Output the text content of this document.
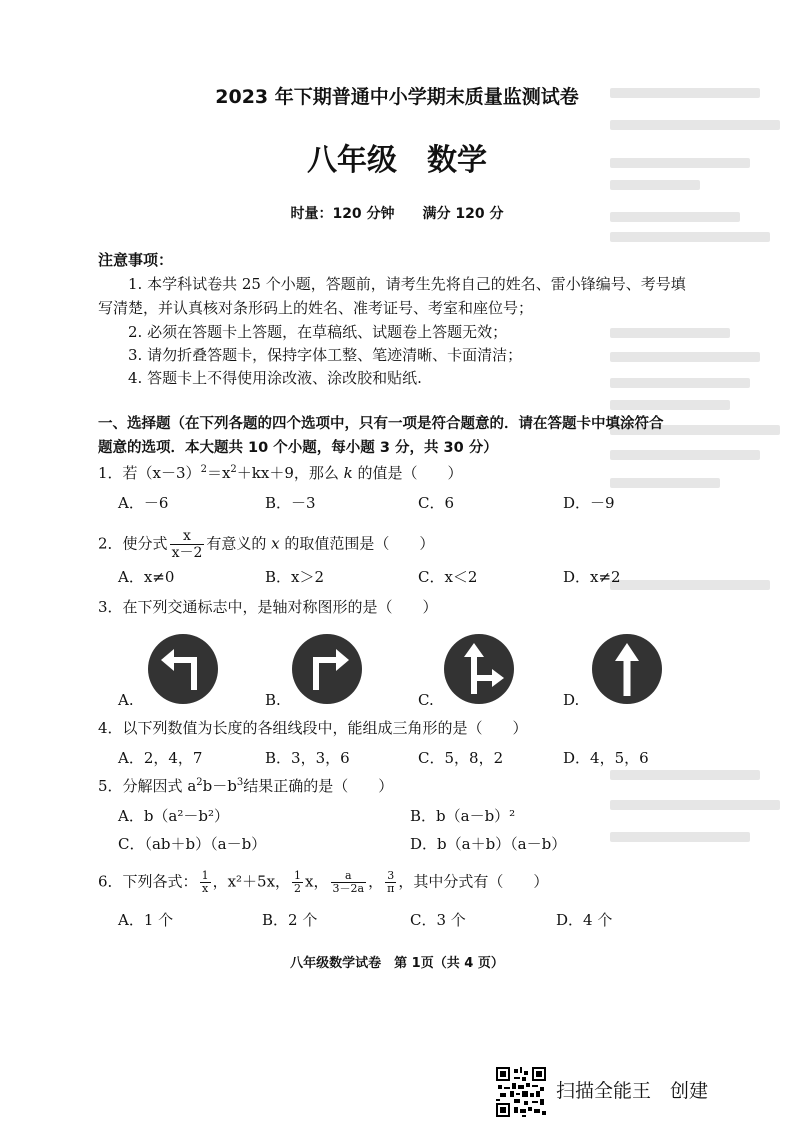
2023 年下期普通中小学期末质量监测试卷
八年级　数学
时量：120 分钟　　满分 120 分
注意事项：
1. 本学科试卷共 25 个小题，答题前，请考生先将自己的姓名、雷小锋编号、考号填
写清楚，并认真核对条形码上的姓名、准考证号、考室和座位号；
2. 必须在答题卡上答题，在草稿纸、试题卷上答题无效；
3. 请勿折叠答题卡，保持字体工整、笔迹清晰、卡面清洁；
4. 答题卡上不得使用涂改液、涂改胶和贴纸.
一、选择题（在下列各题的四个选项中，只有一项是符合题意的．请在答题卡中填涂符合
题意的选项．本大题共 10 个小题，每小题 3 分，共 30 分）
1．若$(x-3)^2=x^2+kx+9$，那么 k 的值是（　　）
A．－6	B．－3	C．6	D．－9
2．使分式 $\frac{x}{x-2}$ 有意义的 x 的取值范围是（　　）
A．x≠0	B．x＞2	C．x＜2	D．x≠2
3．在下列交通标志中，是轴对称图形的是（　　）
A.	B.	C.	D.
4．以下列数值为长度的各组线段中，能组成三角形的是（　　）
A．2，4，7	B．3，3，6	C．5，8，2	D．4，5，6
5．分解因式 $a^2b-b^3$结果正确的是（　　）
A．b（a²－b²）	B．b（a－b）²
C．（ab＋b）（a－b）	D．b（a＋b）（a－b）
6．下列各式： $\frac{1}{x}$ ，x²＋5x， $\frac{1}{2}$ x， $\frac{a}{3-2a}$ ， $\frac{3}{\pi}$ ，其中分式有（　　）
A．1 个	B．2 个	C．3 个	D．4 个
八年级数学试卷　第 1页（共 4 页）
扫描全能王　创建
